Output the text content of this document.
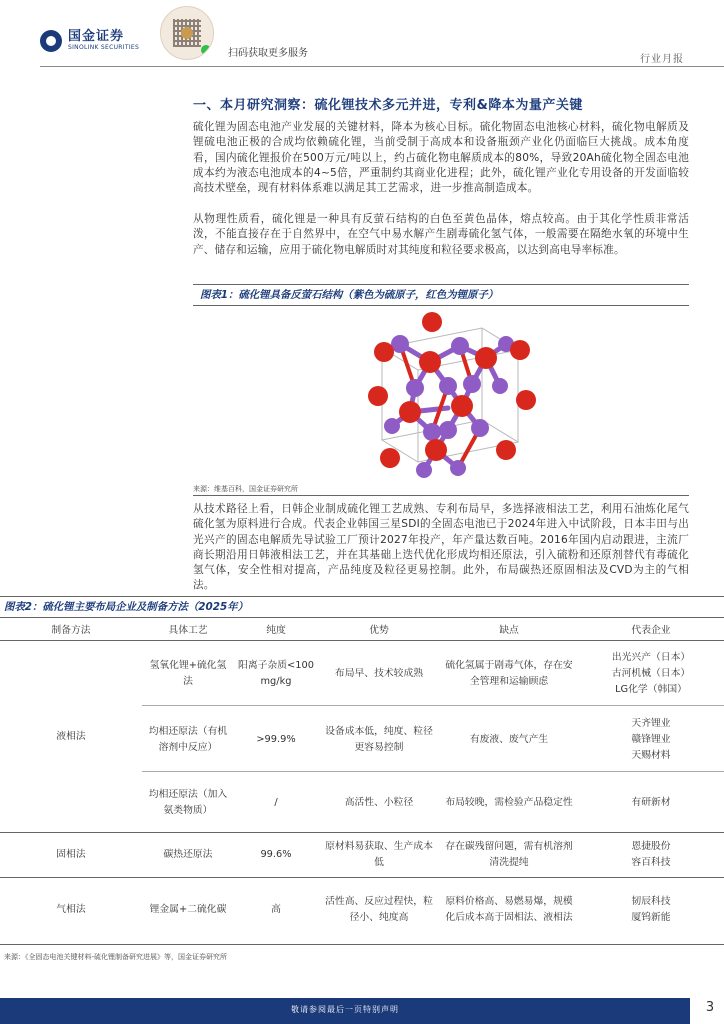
国金证券
SINOLINK SECURITIES
扫码获取更多服务
行业月报
一、本月研究洞察：硫化锂技术多元并进，专利&降本为量产关键
硫化锂为固态电池产业发展的关键材料，降本为核心目标。硫化物固态电池核心材料，硫化物电解质及锂硫电池正极的合成均依赖硫化锂，当前受制于高成本和设备瓶颈产业化仍面临巨大挑战。成本角度看，国内硫化锂报价在500万元/吨以上，约占硫化物电解质成本的80%，导致20Ah硫化物全固态电池成本约为液态电池成本的4~5倍，严重制约其商业化进程；此外，硫化锂产业化专用设备的开发面临较高技术壁垒，现有材料体系难以满足其工艺需求，进一步推高制造成本。
从物理性质看，硫化锂是一种具有反萤石结构的白色至黄色晶体，熔点较高。由于其化学性质非常活泼，不能直接存在于自然界中，在空气中易水解产生剧毒硫化氢气体，一般需要在隔绝水氧的环境中生产、储存和运输，应用于硫化物电解质时对其纯度和粒径要求极高，以达到高电导率标准。
图表1：硫化锂具备反萤石结构（紫色为硫原子，红色为锂原子）
来源：维基百科，国金证券研究所
从技术路径上看，日韩企业制成硫化锂工艺成熟、专利布局早，多选择液相法工艺，利用石油炼化尾气硫化氢为原料进行合成。代表企业韩国三星SDI的全固态电池已于2024年进入中试阶段，日本丰田与出光兴产的固态电解质先导试验工厂预计2027年投产，年产量达数百吨。2016年国内启动跟进，主流厂商长期沿用日韩液相法工艺，并在其基础上迭代优化形成均相还原法，引入硫粉和还原剂替代有毒硫化氢气体，安全性相对提高，产品纯度及粒径更易控制。此外，布局碳热还原固相法及CVD为主的气相法。
图表2：硫化锂主要布局企业及制备方法（2025年）
制备方法	具体工艺	纯度	优势	缺点	代表企业
液相法	氢氧化锂+硫化氢法	阳离子杂质<100 mg/kg	布局早、技术较成熟	硫化氢属于剧毒气体，存在安全管理和运输顾虑	出光兴产（日本）
古河机械（日本）
LG化学（韩国）
	均相还原法（有机溶剂中反应）	>99.9%	设备成本低，纯度、粒径更容易控制	有废液、废气产生	天齐锂业
赣锋锂业
天赐材料
	均相还原法（加入氨类物质）	/	高活性、小粒径	布局较晚，需检验产品稳定性	有研新材
固相法	碳热还原法	99.6%	原材料易获取、生产成本低	存在碳残留问题，需有机溶剂清洗提纯	恩捷股份
容百科技
气相法	锂金属+二硫化碳	高	活性高、反应过程快，粒径小、纯度高	原料价格高、易燃易爆，规模化后成本高于固相法、液相法	韧辰科技
厦钨新能
来源：《全固态电池关键材料-硫化锂制备研究进展》等，国金证券研究所
敬请参阅最后一页特别声明	3
